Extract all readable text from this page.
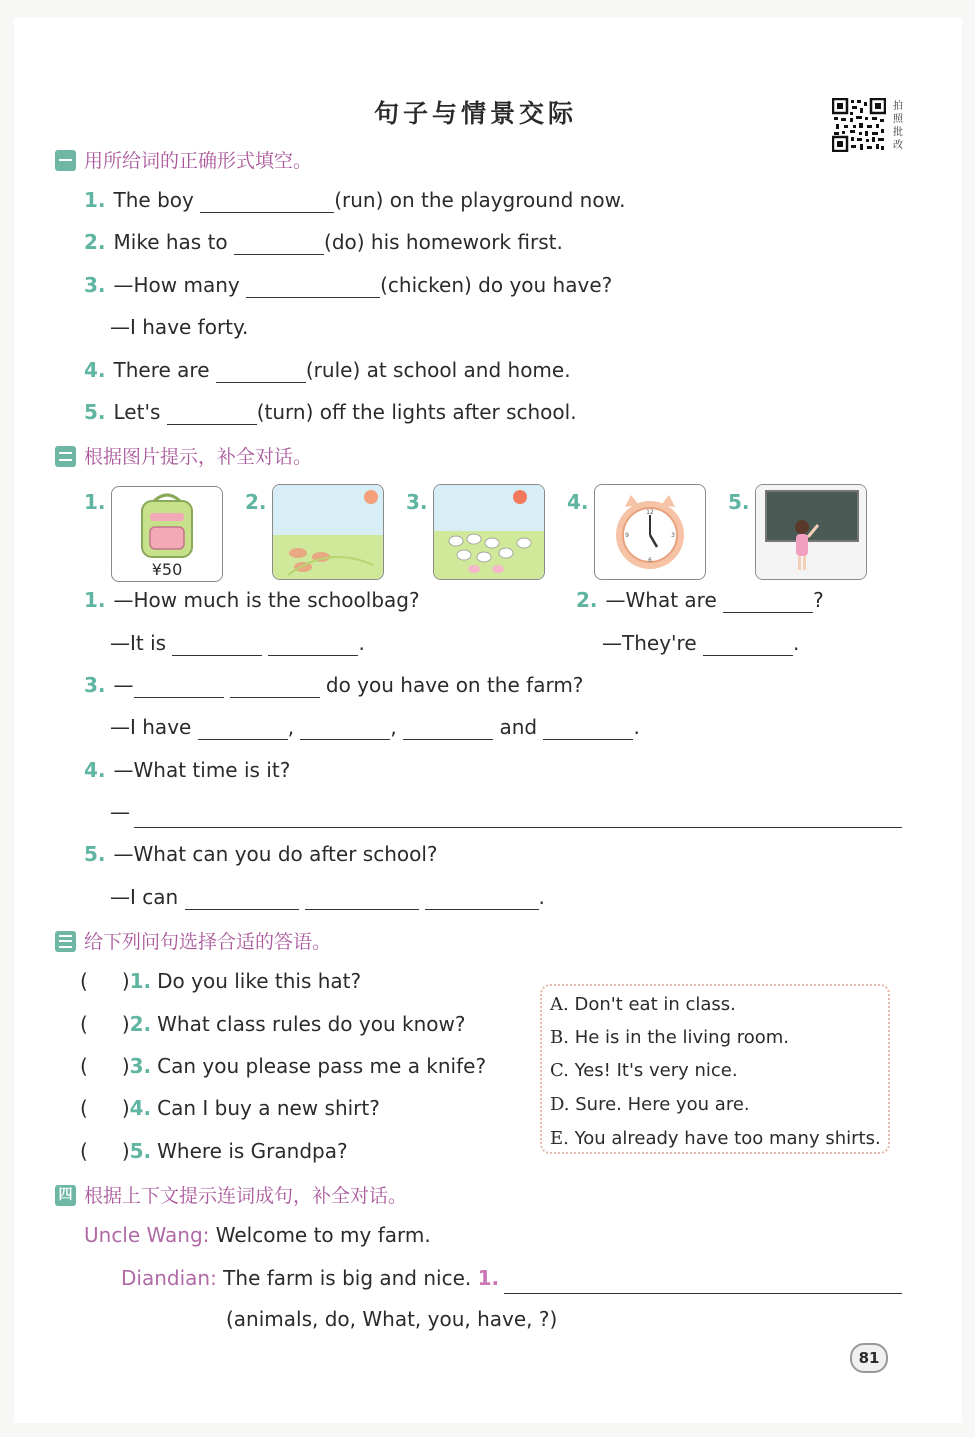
句子与情景交际	拍
照
批
改
用所给词的正确形式填空。
1. The boy	(run) on the playground now.
2. Mike has to	(do) his homework first.
3. —How many	(chicken) do you have?
—I have forty.
4. There are	(rule) at school and home.
5. Let's	(turn) off the lights after school.
根据图片提示，补全对话。
1.
¥50
2.	3.	4.	12
6
9	3
5.
1. —How much is the schoolbag?
—It is	.
2. —What are	?
—They're	.
3. —	do you have on the farm?
—I have	,	,	and	.
4. —What time is it?
—
5. —What can you do after school?
—I can	.
给下列问句选择合适的答语。
( )1. Do you like this hat?
( )2. What class rules do you know?
( )3. Can you please pass me a knife?
( )4. Can I buy a new shirt?
( )5. Where is Grandpa?
A. Don't eat in class.
B. He is in the living room.
C. Yes! It's very nice.
D. Sure. Here you are.
E. You already have too many shirts.
四 根据上下文提示连词成句，补全对话。
Uncle Wang: Welcome to my farm.
Diandian: The farm is big and nice. 1.
(animals, do, What, you, have, ?)
81
